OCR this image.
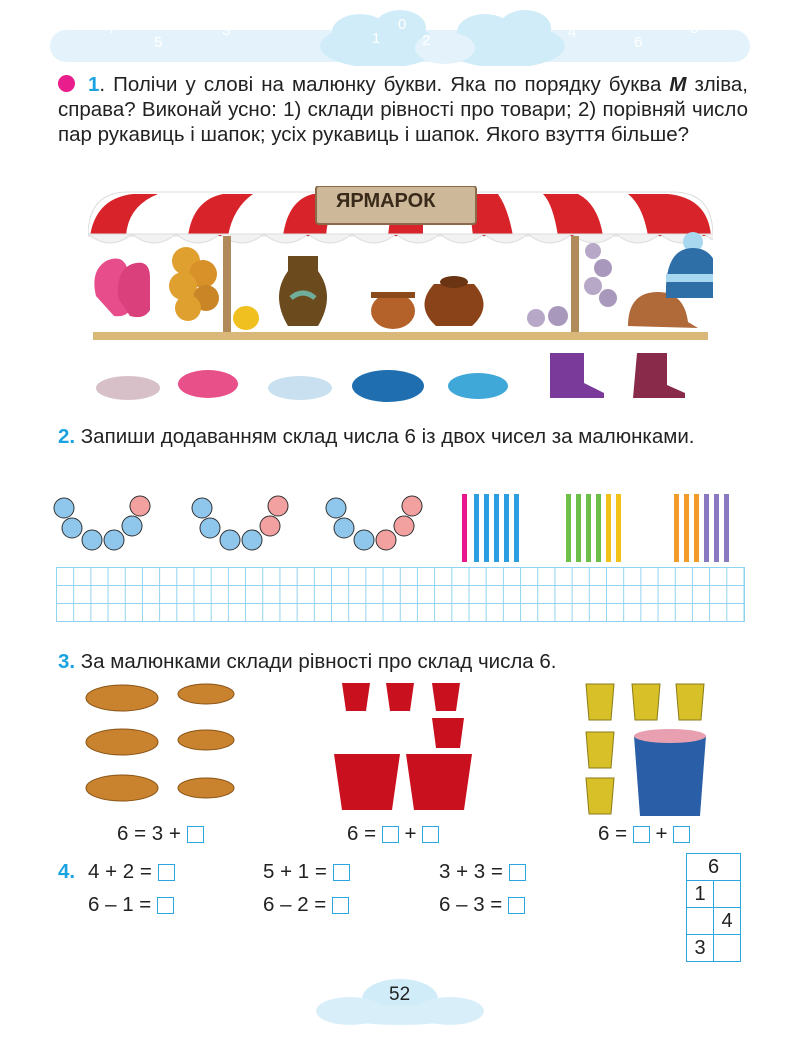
7
5
3	1
0
2	4
6
8
1. Полічи у слові на малюнку букви. Яка по порядку буква М зліва, справа? Виконай усно: 1) склади рівності про товари; 2) порівняй число пар рукавиць і шапок; усіх рукавиць і шапок. Якого взуття більше?
ЯРМАРОК
2. Запиши додаванням склад числа 6 із двох чисел за малюнками.
3. За малюнками склади рівності про склад числа 6.
6 = 3 +	6 = +	6 = +
4. 4 + 2 =	5 + 1 =	3 + 3 =
6 – 1 =	6 – 2 =	6 – 3 =
6	
1	
	4
3	
52
